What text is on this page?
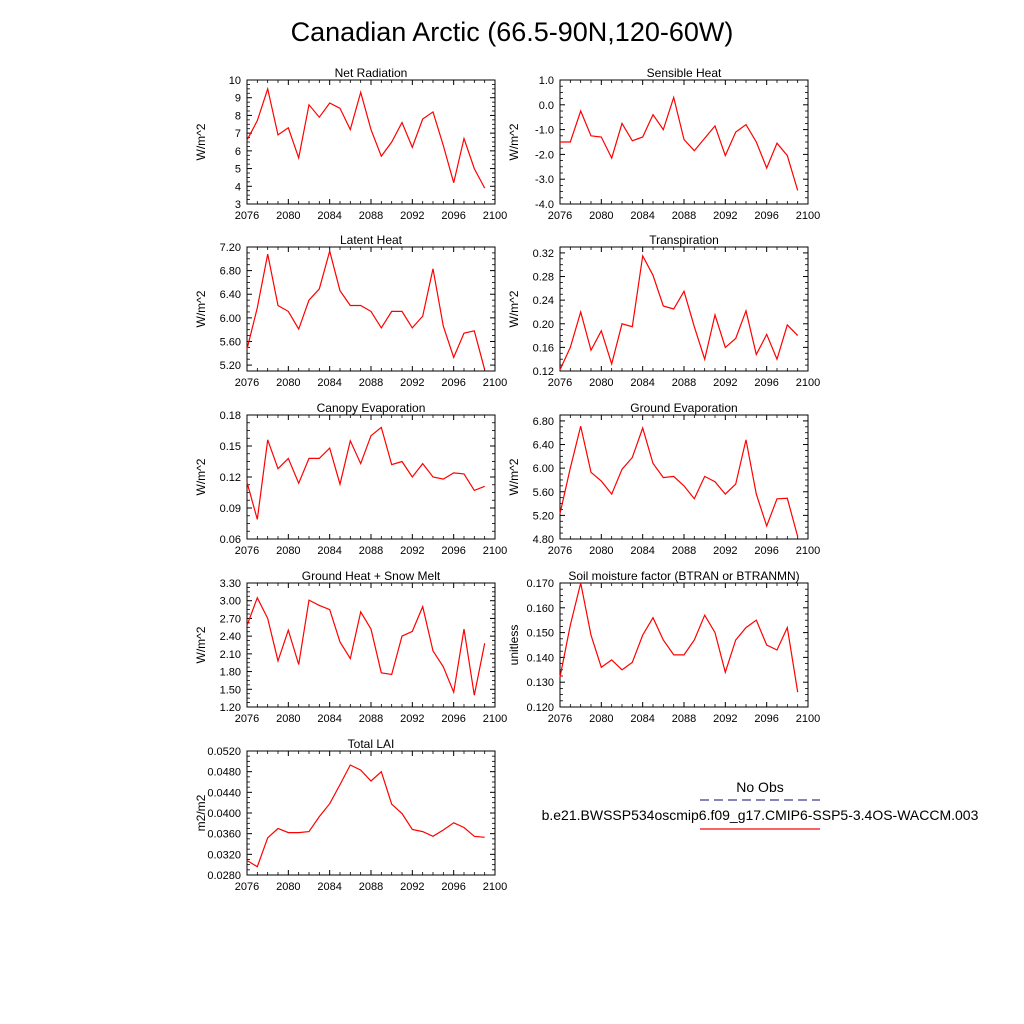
Canadian Arctic (66.5-90N,120-60W)
Net Radiation
W/m^2
2076 2080 2084 2088 2092 2096 2100
3
4
5
6
7
8
9
10
Sensible Heat
W/m^2
2076 2080 2084 2088 2092 2096 2100
-4.0
-3.0
-2.0
-1.0
0.0
1.0
Latent Heat
W/m^2
2076 2080 2084 2088 2092 2096 2100
5.20
5.60
6.00
6.40
6.80
7.20
Transpiration
W/m^2
2076 2080 2084 2088 2092 2096 2100
0.12
0.16
0.20
0.24
0.28
0.32
Canopy Evaporation
W/m^2
2076 2080 2084 2088 2092 2096 2100
0.06
0.09
0.12
0.15
0.18
Ground Evaporation
W/m^2
2076 2080 2084 2088 2092 2096 2100
4.80
5.20
5.60
6.00
6.40
6.80
Ground Heat + Snow Melt
W/m^2
2076 2080 2084 2088 2092 2096 2100
1.20
1.50
1.80
2.10
2.40
2.70
3.00
3.30
Soil moisture factor (BTRAN or BTRANMN)
unitless
2076 2080 2084 2088 2092 2096 2100
0.120
0.130
0.140
0.150
0.160
0.170
Total LAI
m2/m2
2076 2080 2084 2088 2092 2096 2100
0.0280
0.0320
0.0360
0.0400
0.0440
0.0480
0.0520
No Obs
b.e21.BWSSP534oscmip6.f09_g17.CMIP6-SSP5-3.4OS-WACCM.003
